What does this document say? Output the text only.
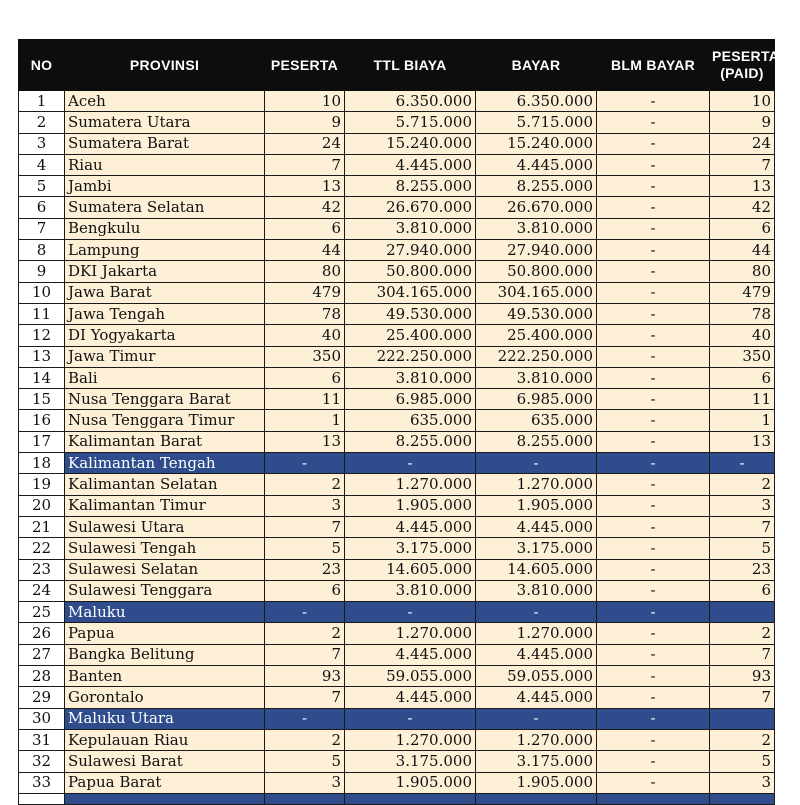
NO	PROVINSI	PESERTA	TTL BIAYA	BAYAR	BLM BAYAR	PESERTA
(PAID)
1	Aceh	10	6.350.000	6.350.000	-	10
2	Sumatera Utara	9	5.715.000	5.715.000	-	9
3	Sumatera Barat	24	15.240.000	15.240.000	-	24
4	Riau	7	4.445.000	4.445.000	-	7
5	Jambi	13	8.255.000	8.255.000	-	13
6	Sumatera Selatan	42	26.670.000	26.670.000	-	42
7	Bengkulu	6	3.810.000	3.810.000	-	6
8	Lampung	44	27.940.000	27.940.000	-	44
9	DKI Jakarta	80	50.800.000	50.800.000	-	80
10	Jawa Barat	479	304.165.000	304.165.000	-	479
11	Jawa Tengah	78	49.530.000	49.530.000	-	78
12	DI Yogyakarta	40	25.400.000	25.400.000	-	40
13	Jawa Timur	350	222.250.000	222.250.000	-	350
14	Bali	6	3.810.000	3.810.000	-	6
15	Nusa Tenggara Barat	11	6.985.000	6.985.000	-	11
16	Nusa Tenggara Timur	1	635.000	635.000	-	1
17	Kalimantan Barat	13	8.255.000	8.255.000	-	13
18	Kalimantan Tengah	-	-	-	-	-
19	Kalimantan Selatan	2	1.270.000	1.270.000	-	2
20	Kalimantan Timur	3	1.905.000	1.905.000	-	3
21	Sulawesi Utara	7	4.445.000	4.445.000	-	7
22	Sulawesi Tengah	5	3.175.000	3.175.000	-	5
23	Sulawesi Selatan	23	14.605.000	14.605.000	-	23
24	Sulawesi Tenggara	6	3.810.000	3.810.000	-	6
25	Maluku	-	-	-	-	
26	Papua	2	1.270.000	1.270.000	-	2
27	Bangka Belitung	7	4.445.000	4.445.000	-	7
28	Banten	93	59.055.000	59.055.000	-	93
29	Gorontalo	7	4.445.000	4.445.000	-	7
30	Maluku Utara	-	-	-	-	
31	Kepulauan Riau	2	1.270.000	1.270.000	-	2
32	Sulawesi Barat	5	3.175.000	3.175.000	-	5
33	Papua Barat	3	1.905.000	1.905.000	-	3
